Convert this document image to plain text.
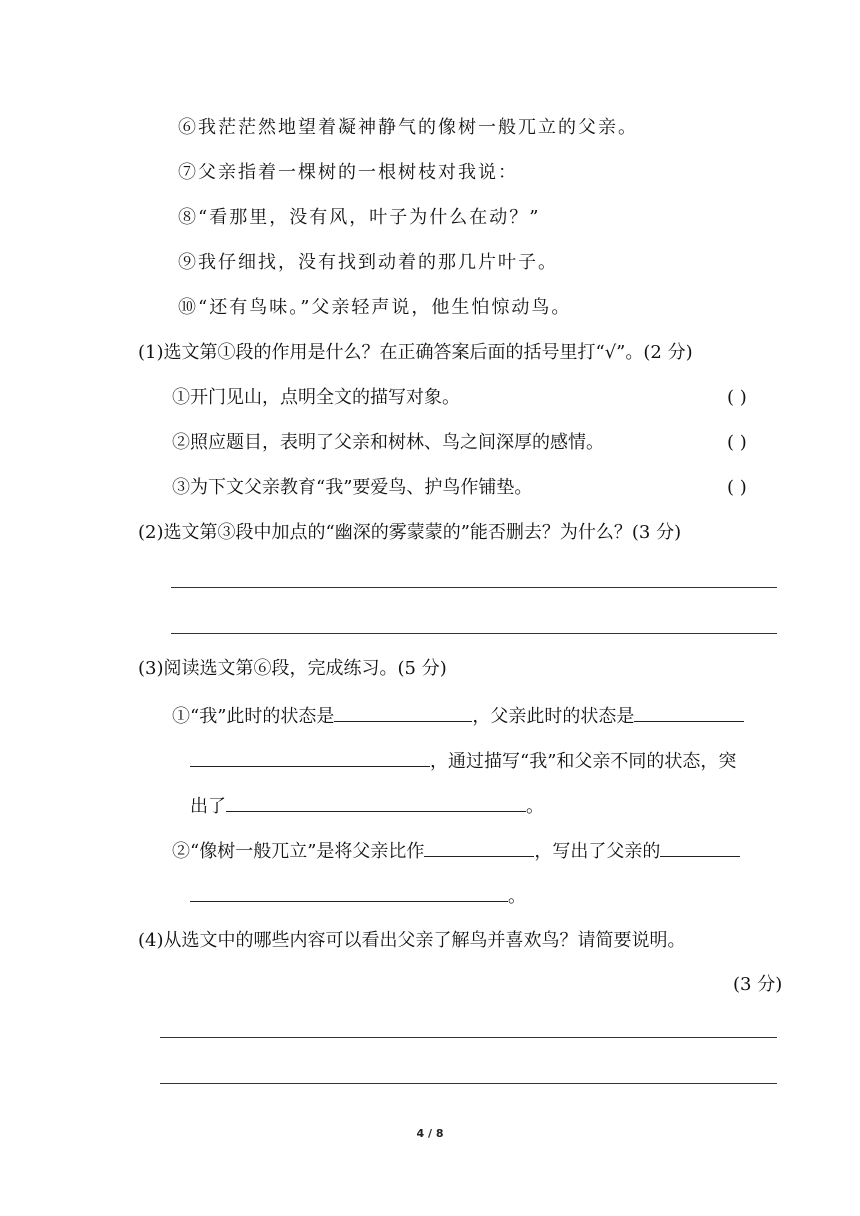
⑥我茫茫然地望着凝神静气的像树一般兀立的父亲。
⑦父亲指着一棵树的一根树枝对我说：
⑧“看那里，没有风，叶子为什么在动？”
⑨我仔细找，没有找到动着的那几片叶子。
⑩“还有鸟味。”父亲轻声说，他生怕惊动鸟。
(1)选文第①段的作用是什么？在正确答案后面的括号里打“√”。(2 分)
①开门见山，点明全文的描写对象。	( )
②照应题目，表明了父亲和树林、鸟之间深厚的感情。	( )
③为下文父亲教育“我”要爱鸟、护鸟作铺垫。	( )
(2)选文第③段中加点的“幽深的雾蒙蒙的”能否删去？为什么？(3 分)
(3)阅读选文第⑥段，完成练习。(5 分)
①“我”此时的状态是	，父亲此时的状态是
，通过描写“我”和父亲不同的状态，突
出了	。
②“像树一般兀立”是将父亲比作	，写出了父亲的
。
(4)从选文中的哪些内容可以看出父亲了解鸟并喜欢鸟？请简要说明。
(3 分)
4 / 8
